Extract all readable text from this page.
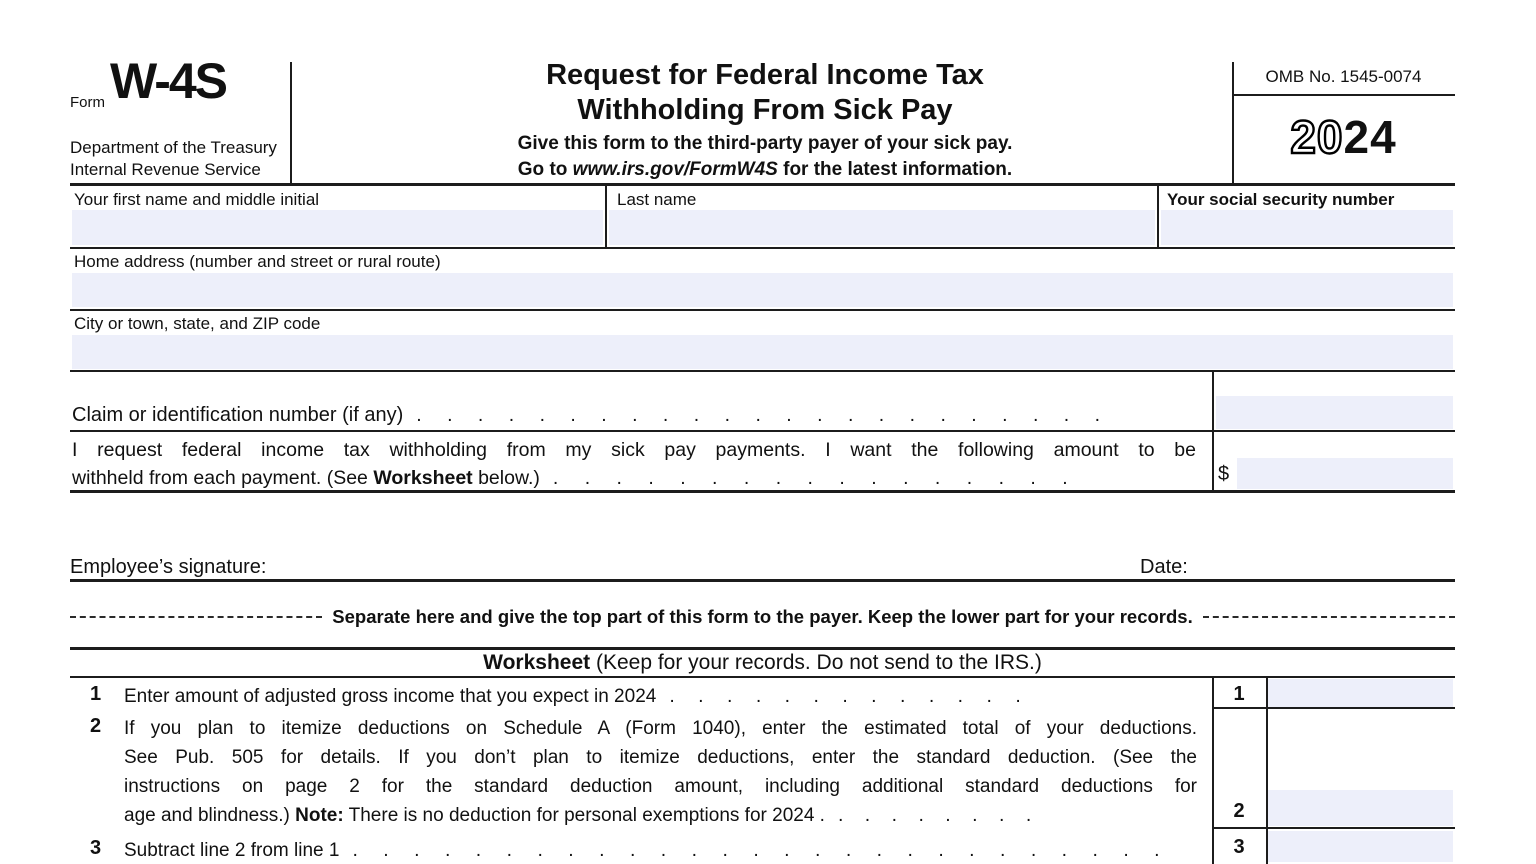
Form W-4S
Department of the Treasury
Internal Revenue Service
Request for Federal Income Tax
Withholding From Sick Pay
Give this form to the third-party payer of your sick pay.
Go to www.irs.gov/FormW4S for the latest information.
OMB No. 1545-0074
2024
Your first name and middle initial	Last name	Your social security number
Home address (number and street or rural route)
City or town, state, and ZIP code
Claim or identification number (if any) . . . . . . . . . . . . . . . . . . . . . . .
I request federal income tax withholding from my sick pay payments. I want the following amount to be
withheld from each payment. (See Worksheet below.) . . . . . . . . . . . . . . . . .	$
Employee’s signature:	Date:
Separate here and give the top part of this form to the payer. Keep the lower part for your records.
Worksheet (Keep for your records. Do not send to the IRS.)
1 Enter amount of adjusted gross income that you expect in 2024 . . . . . . . . . . . . .	1
2 If you plan to itemize deductions on Schedule A (Form 1040), enter the estimated total of your deductions.
See Pub. 505 for details. If you don’t plan to itemize deductions, enter the standard deduction. (See the
instructions on page 2 for the standard deduction amount, including additional standard deductions for
age and blindness.) Note: There is no deduction for personal exemptions for 2024 . . . . . . . . .	2
3 Subtract line 2 from line 1 . . . . . . . . . . . . . . . . . . . . . . . . . . .	3
